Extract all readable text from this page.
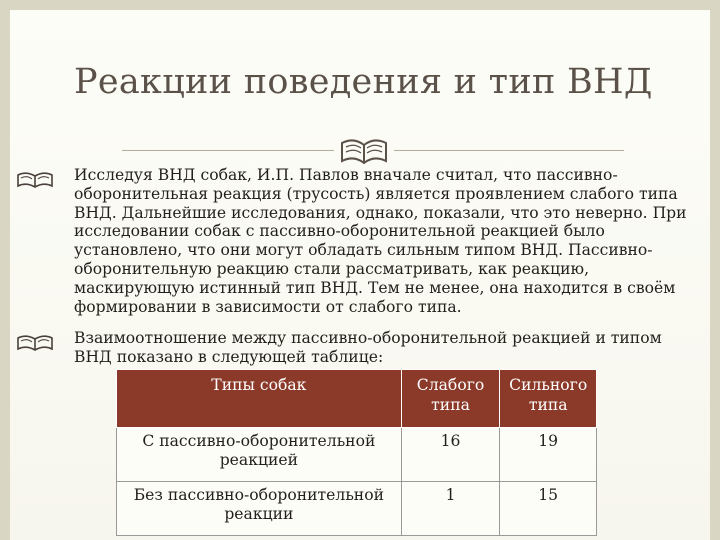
Реакции поведения и тип ВНД
Исследуя ВНД собак, И.П. Павлов вначале считал, что пассивно-оборонительная реакция (трусость) является проявлением слабого типа ВНД. Дальнейшие исследования, однако, показали, что это неверно. При исследовании собак с пассивно-оборонительной реакцией было установлено, что они могут обладать сильным типом ВНД. Пассивно-оборонительную реакцию стали рассматривать, как реакцию, маскирующую истинный тип ВНД. Тем не менее, она находится в своём формировании в зависимости от слабого типа.
Взаимоотношение между пассивно-оборонительной реакцией и типом ВНД показано в следующей таблице:
Типы собак	Слабого типа	Сильного типа
С пассивно-оборонительной реакцией	16	19
Без пассивно-оборонительной реакции	1	15
